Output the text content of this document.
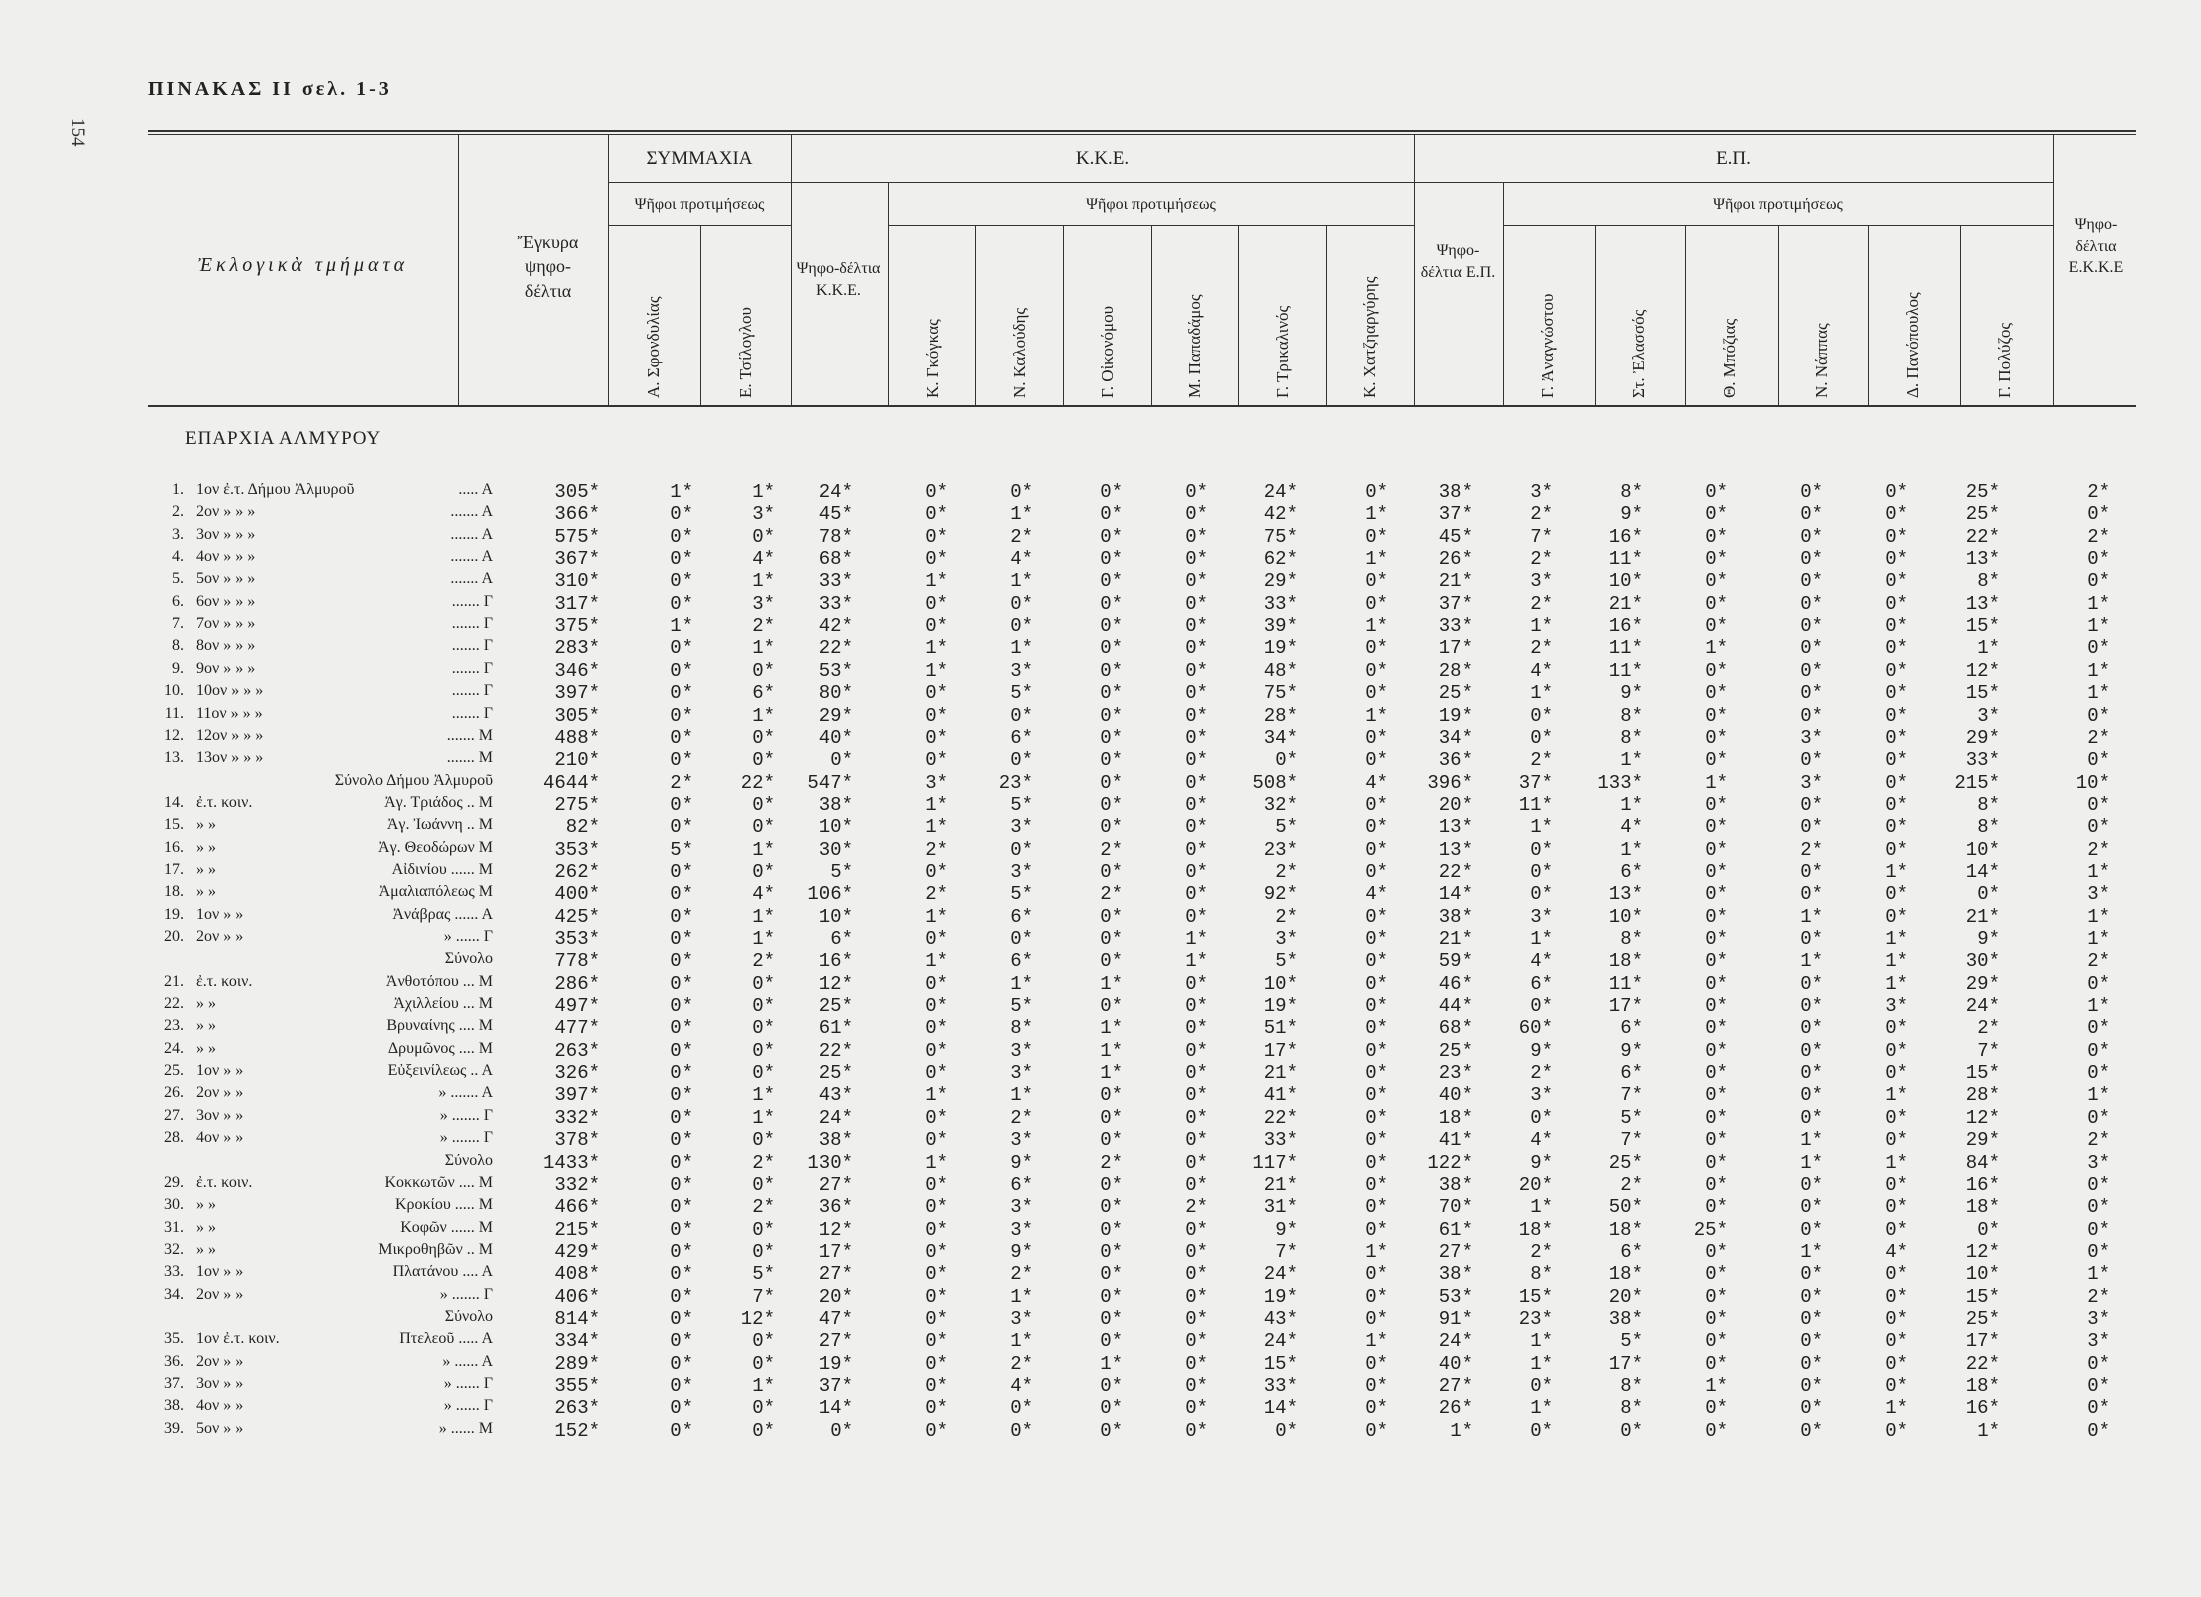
154
ΠΙΝΑΚΑΣ ΙΙ σελ. 1-3
Ἐκλογικὰ τμήματα
Ἔγκυρα ψηφο-δέλτια
ΣΥΜΜΑΧΙΑ
Ψῆφοι προτιμήσεως
Κ.Κ.Ε.
Ψῆφοι προτιμήσεως
Ψηφο-δέλτια Κ.Κ.Ε.
Ε.Π.
Ψῆφοι προτιμήσεως
Ψηφο-δέλτια Ε.Π.
Ψηφο-δέλτια Ε.Κ.Κ.Ε
Α. Σφονδυλίας	Ε. Τσίλογλου	Κ. Γκόγκας	Ν. Καλούδης	Γ. Οἰκονόμου	Μ. Παπαδάμος	Γ. Τρικαλινός	Κ. Χατζηαργύρης	Γ. Ἀναγνώστου	Στ. Ἐλασσός	Θ. Μπόζιας	Ν. Νάππας	Δ. Πανόπουλος	Γ. Πολύζος
ΕΠΑΡΧΙΑ ΑΛΜΥΡΟΥ
1. 1ον ἐ.τ. Δήμου Ἀλμυροῦ	..... Α	305*	1*	1* 24*	0*	0*	0*	0*	24*	0*	38*	3*	8*	0*	0*	0*	25*	2*
2. 2ον » » »	....... Α	366*	0*	3* 45*	0*	1*	0*	0*	42*	1*	37*	2*	9*	0*	0*	0*	25*	0*
3. 3ον » » »	....... Α	575*	0*	0* 78*	0*	2*	0*	0*	75*	0*	45*	7*	16*	0*	0*	0*	22*	2*
4. 4ον » » »	....... Α	367*	0*	4* 68*	0*	4*	0*	0*	62*	1*	26*	2*	11*	0*	0*	0*	13*	0*
5. 5ον » » »	....... Α	310*	0*	1* 33*	1*	1*	0*	0*	29*	0*	21*	3*	10*	0*	0*	0*	8*	0*
6. 6ον » » »	....... Γ	317*	0*	3* 33*	0*	0*	0*	0*	33*	0*	37*	2*	21*	0*	0*	0*	13*	1*
7. 7ον » » »	....... Γ	375*	1*	2* 42*	0*	0*	0*	0*	39*	1*	33*	1*	16*	0*	0*	0*	15*	1*
8. 8ον » » »	....... Γ	283*	0*	1* 22*	1*	1*	0*	0*	19*	0*	17*	2*	11*	1*	0*	0*	1*	0*
9. 9ον » » »	....... Γ	346*	0*	0* 53*	1*	3*	0*	0*	48*	0*	28*	4*	11*	0*	0*	0*	12*	1*
10. 10ον » » »	....... Γ	397*	0*	6* 80*	0*	5*	0*	0*	75*	0*	25*	1*	9*	0*	0*	0*	15*	1*
11. 11ον » » »	....... Γ	305*	0*	1* 29*	0*	0*	0*	0*	28*	1*	19*	0*	8*	0*	0*	0*	3*	0*
12. 12ον » » »	....... Μ	488*	0*	0* 40*	0*	6*	0*	0*	34*	0*	34*	0*	8*	0*	3*	0*	29*	2*
13. 13ον » » »	....... Μ	210*	0*	0*	0*	0*	0*	0*	0*	0*	0*	36*	2*	1*	0*	0*	0*	33*	0*
Σύνολο Δήμου Ἀλμυροῦ	4644*	2*	22* 547*	3*	23*	0*	0* 508*	4* 396* 37* 133*	1*	3*	0* 215*	10*
14. ἐ.τ. κοιν.	Ἀγ. Τριάδος .. Μ	275*	0*	0* 38*	1*	5*	0*	0*	32*	0*	20* 11*	1*	0*	0*	0*	8*	0*
15. » »	Ἀγ. Ἰωάννη .. Μ	82*	0*	0* 10*	1*	3*	0*	0*	5*	0*	13*	1*	4*	0*	0*	0*	8*	0*
16. » »	Ἀγ. Θεοδώρων Μ	353*	5*	1* 30*	2*	0*	2*	0*	23*	0*	13*	0*	1*	0*	2*	0*	10*	2*
17. » »	Αἰδινίου ...... Μ	262*	0*	0*	5*	0*	3*	0*	0*	2*	0*	22*	0*	6*	0*	0*	1*	14*	1*
18. » »	Ἀμαλιαπόλεως Μ	400*	0*	4* 106*	2*	5*	2*	0*	92*	4*	14*	0*	13*	0*	0*	0*	0*	3*
19. 1ον » »	Ἀνάβρας ...... Α	425*	0*	1* 10*	1*	6*	0*	0*	2*	0*	38*	3*	10*	0*	1*	0*	21*	1*
20. 2ον » »	» ...... Γ	353*	0*	1*	6*	0*	0*	0*	1*	3*	0*	21*	1*	8*	0*	0*	1*	9*	1*
Σύνολο	778*	0*	2* 16*	1*	6*	0*	1*	5*	0*	59*	4*	18*	0*	1*	1*	30*	2*
21. ἐ.τ. κοιν.	Ἀνθοτόπου ... Μ	286*	0*	0* 12*	0*	1*	1*	0*	10*	0*	46*	6*	11*	0*	0*	1*	29*	0*
22. » »	Ἀχιλλείου ... Μ	497*	0*	0* 25*	0*	5*	0*	0*	19*	0*	44*	0*	17*	0*	0*	3*	24*	1*
23. » »	Βρυναίνης .... Μ	477*	0*	0* 61*	0*	8*	1*	0*	51*	0*	68* 60*	6*	0*	0*	0*	2*	0*
24. » »	Δρυμῶνος .... Μ	263*	0*	0* 22*	0*	3*	1*	0*	17*	0*	25*	9*	9*	0*	0*	0*	7*	0*
25. 1ον » »	Εὐξεινίλεως .. Α	326*	0*	0* 25*	0*	3*	1*	0*	21*	0*	23*	2*	6*	0*	0*	0*	15*	0*
26. 2ον » »	» ....... Α	397*	0*	1* 43*	1*	1*	0*	0*	41*	0*	40*	3*	7*	0*	0*	1*	28*	1*
27. 3ον » »	» ....... Γ	332*	0*	1* 24*	0*	2*	0*	0*	22*	0*	18*	0*	5*	0*	0*	0*	12*	0*
28. 4ον » »	» ....... Γ	378*	0*	0* 38*	0*	3*	0*	0*	33*	0*	41*	4*	7*	0*	1*	0*	29*	2*
Σύνολο	1433*	0*	2* 130*	1*	9*	2*	0* 117*	0* 122*	9*	25*	0*	1*	1*	84*	3*
29. ἐ.τ. κοιν.	Κοκκωτῶν .... Μ	332*	0*	0* 27*	0*	6*	0*	0*	21*	0*	38* 20*	2*	0*	0*	0*	16*	0*
30. » »	Κροκίου ..... Μ	466*	0*	2* 36*	0*	3*	0*	2*	31*	0*	70*	1*	50*	0*	0*	0*	18*	0*
31. » »	Κοφῶν ...... Μ	215*	0*	0* 12*	0*	3*	0*	0*	9*	0*	61* 18*	18*	25*	0*	0*	0*	0*
32. » »	Μικροθηβῶν .. Μ	429*	0*	0* 17*	0*	9*	0*	0*	7*	1*	27*	2*	6*	0*	1*	4*	12*	0*
33. 1ον » »	Πλατάνου .... Α	408*	0*	5* 27*	0*	2*	0*	0*	24*	0*	38*	8*	18*	0*	0*	0*	10*	1*
34. 2ον » »	» ....... Γ	406*	0*	7* 20*	0*	1*	0*	0*	19*	0*	53* 15*	20*	0*	0*	0*	15*	2*
Σύνολο	814*	0*	12* 47*	0*	3*	0*	0*	43*	0*	91* 23*	38*	0*	0*	0*	25*	3*
35. 1ον ἐ.τ. κοιν.	Πτελεοῦ ..... Α	334*	0*	0* 27*	0*	1*	0*	0*	24*	1*	24*	1*	5*	0*	0*	0*	17*	3*
36. 2ον » »	» ...... Α	289*	0*	0* 19*	0*	2*	1*	0*	15*	0*	40*	1*	17*	0*	0*	0*	22*	0*
37. 3ον » »	» ...... Γ	355*	0*	1* 37*	0*	4*	0*	0*	33*	0*	27*	0*	8*	1*	0*	0*	18*	0*
38. 4ον » »	» ...... Γ	263*	0*	0* 14*	0*	0*	0*	0*	14*	0*	26*	1*	8*	0*	0*	1*	16*	0*
39. 5ον » »	» ...... Μ	152*	0*	0*	0*	0*	0*	0*	0*	0*	0*	1*	0*	0*	0*	0*	0*	1*	0*
